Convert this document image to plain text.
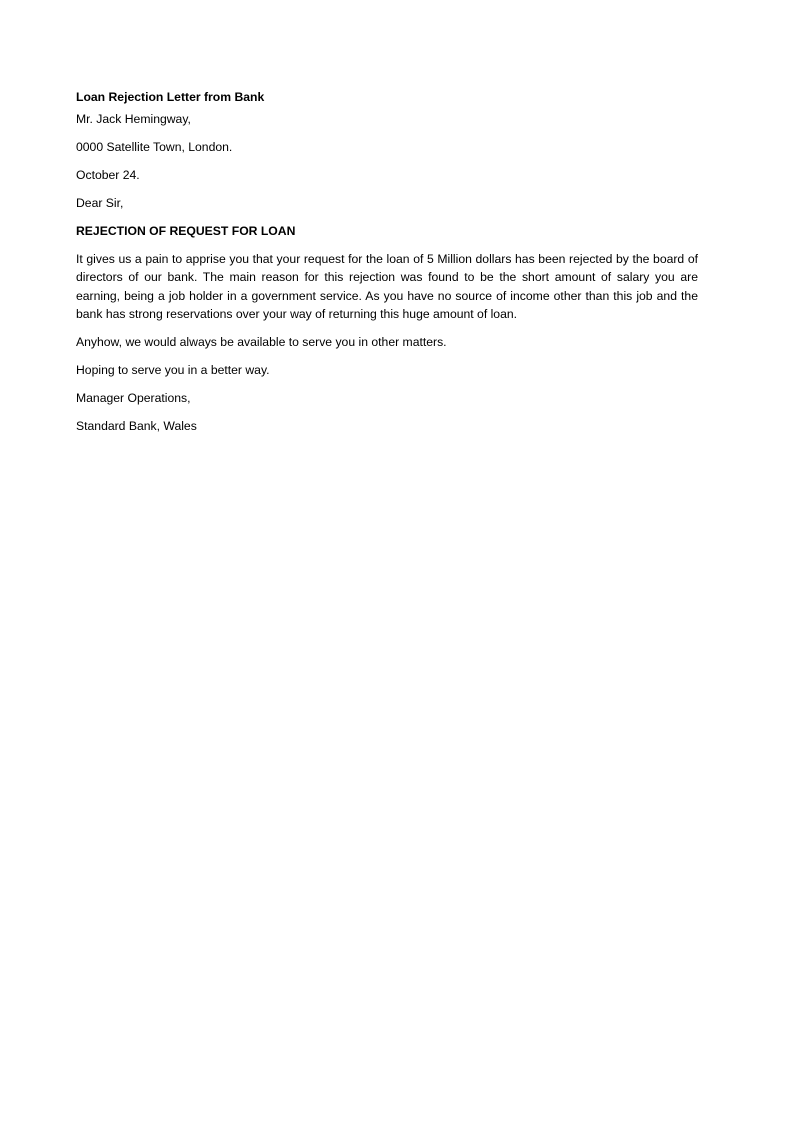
Loan Rejection Letter from Bank
Mr. Jack Hemingway,
0000 Satellite Town, London.
October 24.
Dear Sir,
REJECTION OF REQUEST FOR LOAN
It gives us a pain to apprise you that your request for the loan of 5 Million dollars has been rejected by the board of directors of our bank. The main reason for this rejection was found to be the short amount of salary you are earning, being a job holder in a government service. As you have no source of income other than this job and the bank has strong reservations over your way of returning this huge amount of loan.
Anyhow, we would always be available to serve you in other matters.
Hoping to serve you in a better way.
Manager Operations,
Standard Bank, Wales
